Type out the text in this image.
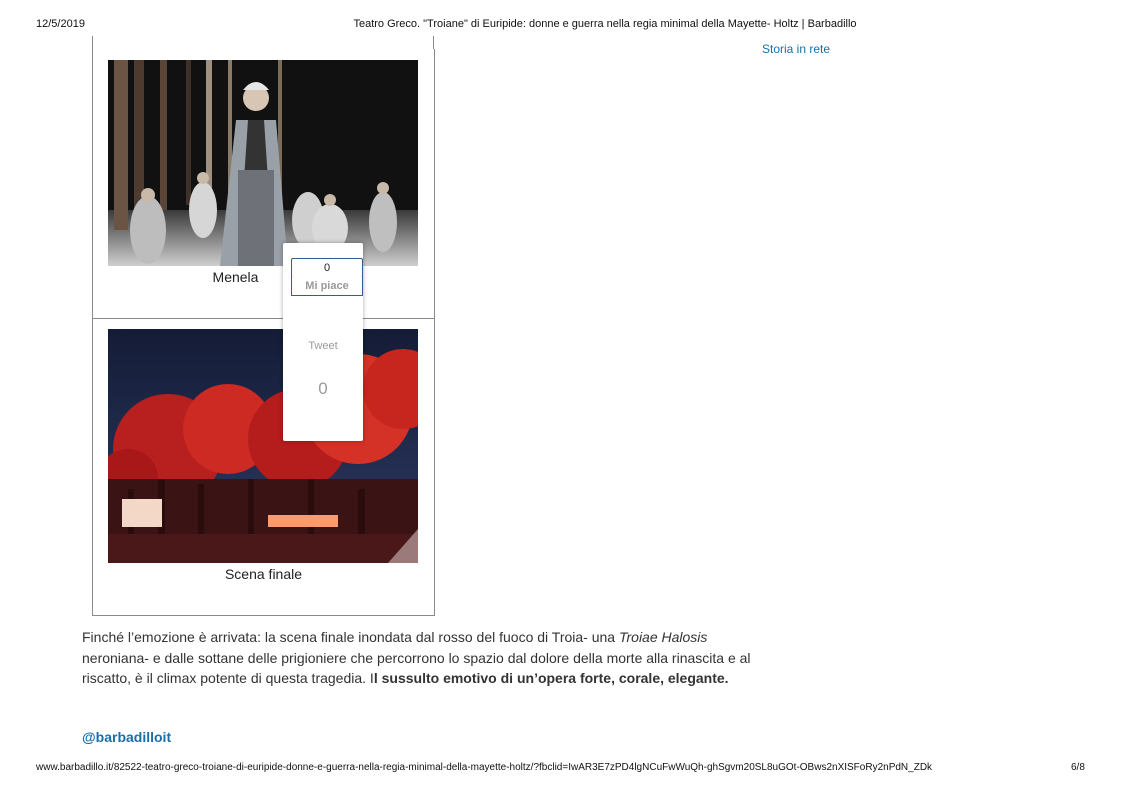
12/5/2019	Teatro Greco. "Troiane" di Euripide: donne e guerra nella regia minimal della Mayette- Holtz | Barbadillo
Storia in rete
Menela
Scena finale
0
Mi piace
Tweet
0
Finché l’emozione è arrivata: la scena finale inondata dal rosso del fuoco di Troia- una Troiae Halosis neroniana- e dalle sottane delle prigioniere che percorrono lo spazio dal dolore della morte alla rinascita e al riscatto, è il climax potente di questa tragedia. Il sussulto emotivo di un’opera forte, corale, elegante.
@barbadilloit
www.barbadillo.it/82522-teatro-greco-troiane-di-euripide-donne-e-guerra-nella-regia-minimal-della-mayette-holtz/?fbclid=IwAR3E7zPD4lgNCuFwWuQh-ghSgvm20SL8uGOt-OBws2nXISFoRy2nPdN_ZDk	6/8
